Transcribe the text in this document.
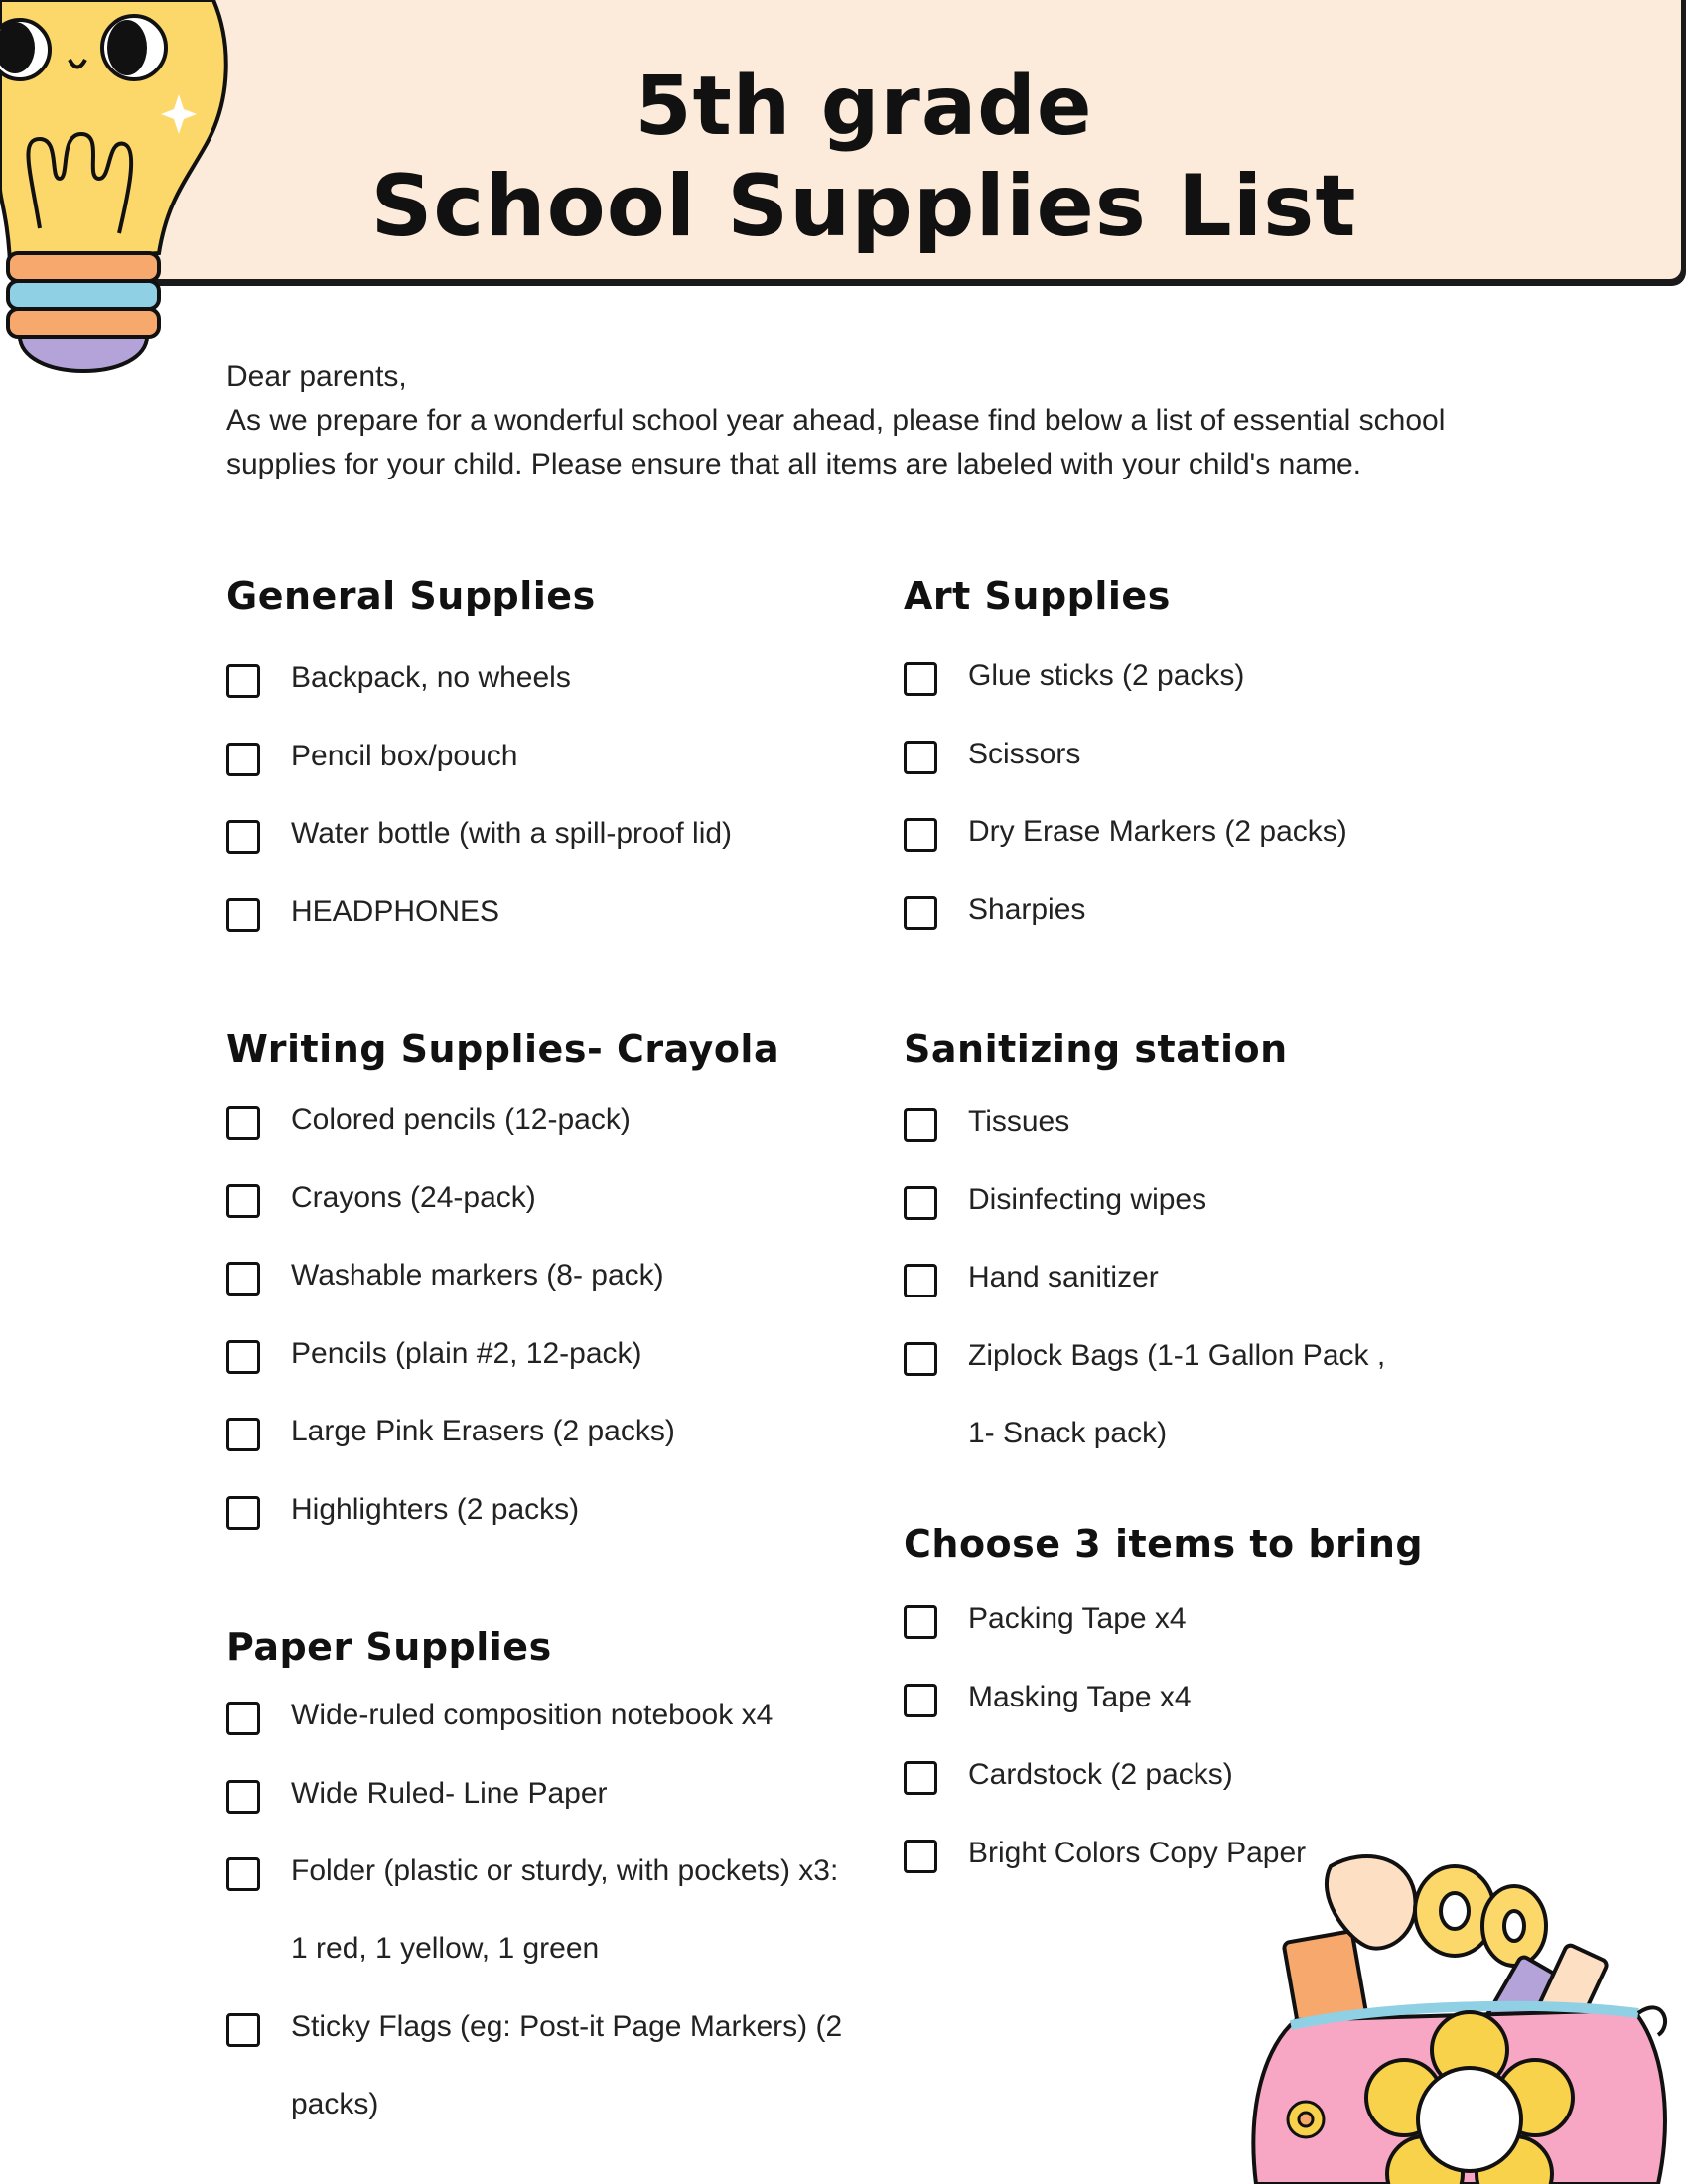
5th grade
School Supplies List

Dear parents,

As we prepare for a wonderful school year ahead, please find below a list of essential school supplies for your child. Please ensure that all items are labeled with your child's name.

General Supplies
Backpack, no wheels
Pencil box/pouch
Water bottle (with a spill-proof lid)
HEADPHONES
Art Supplies
Glue sticks (2 packs)
Scissors
Dry Erase Markers (2 packs)
Sharpies
Writing Supplies- Crayola
Colored pencils (12-pack)
Crayons (24-pack)
Washable markers (8- pack)
Pencils (plain #2, 12-pack)
Large Pink Erasers (2 packs)
Highlighters (2 packs)
Sanitizing station
Tissues
Disinfecting wipes
Hand sanitizer
Ziplock Bags (1-1 Gallon Pack , 1- Snack pack)
Choose 3 items to bring
Packing Tape x4
Masking Tape x4
Cardstock (2 packs)
Bright Colors Copy Paper
Paper Supplies
Wide-ruled composition notebook x4
Wide Ruled- Line Paper
Folder (plastic or sturdy, with pockets) x3: 1 red, 1 yellow, 1 green
Sticky Flags (eg: Post-it Page Markers) (2 packs)
